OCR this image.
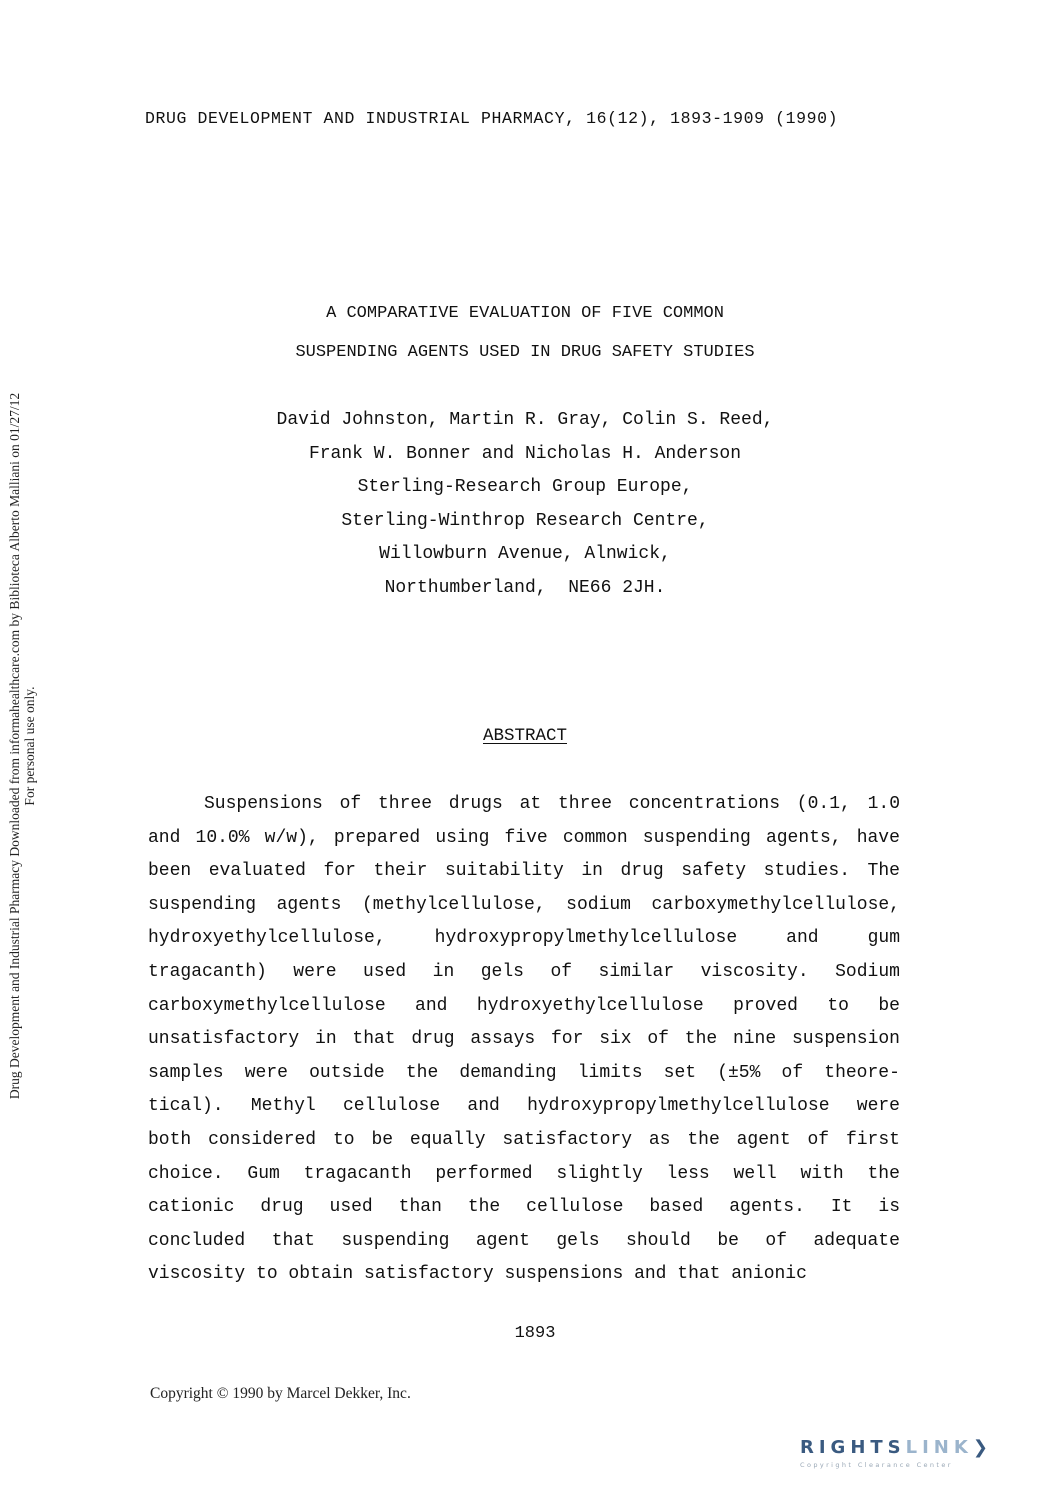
DRUG DEVELOPMENT AND INDUSTRIAL PHARMACY, 16(12), 1893-1909 (1990)
Drug Development and Industrial Pharmacy Downloaded from informahealthcare.com by Biblioteca Alberto Malliani on 01/27/12 For personal use only.
A COMPARATIVE EVALUATION OF FIVE COMMON
SUSPENDING AGENTS USED IN DRUG SAFETY STUDIES
David Johnston, Martin R. Gray, Colin S. Reed,
Frank W. Bonner and Nicholas H. Anderson
Sterling-Research Group Europe,
Sterling-Winthrop Research Centre,
Willowburn Avenue, Alnwick,
Northumberland,  NE66 2JH.
ABSTRACT
Suspensions of three drugs at three concentrations (0.1, 1.0
and 10.0% w/w), prepared using five common suspending agents, have
been evaluated for their suitability in drug safety studies. The
suspending agents (methylcellulose, sodium carboxymethylcellulose,
hydroxyethylcellulose,	hydroxypropylmethylcellulose	and	gum
tragacanth) were used in gels of similar viscosity. Sodium
carboxymethylcellulose and hydroxyethylcellulose proved to be
unsatisfactory in that drug assays for six of the nine suspension
samples were outside the demanding limits set (±5% of theore-
tical). Methyl cellulose and hydroxypropylmethylcellulose were
both considered to be equally satisfactory as the agent of first
choice. Gum tragacanth performed slightly less well with the
cationic drug used than the cellulose based agents. It is
concluded that suspending agent gels should be of adequate
viscosity to obtain satisfactory suspensions and that anionic
1893
Copyright © 1990 by Marcel Dekker, Inc.
RIGHTSLINK❯
Copyright Clearance Center
